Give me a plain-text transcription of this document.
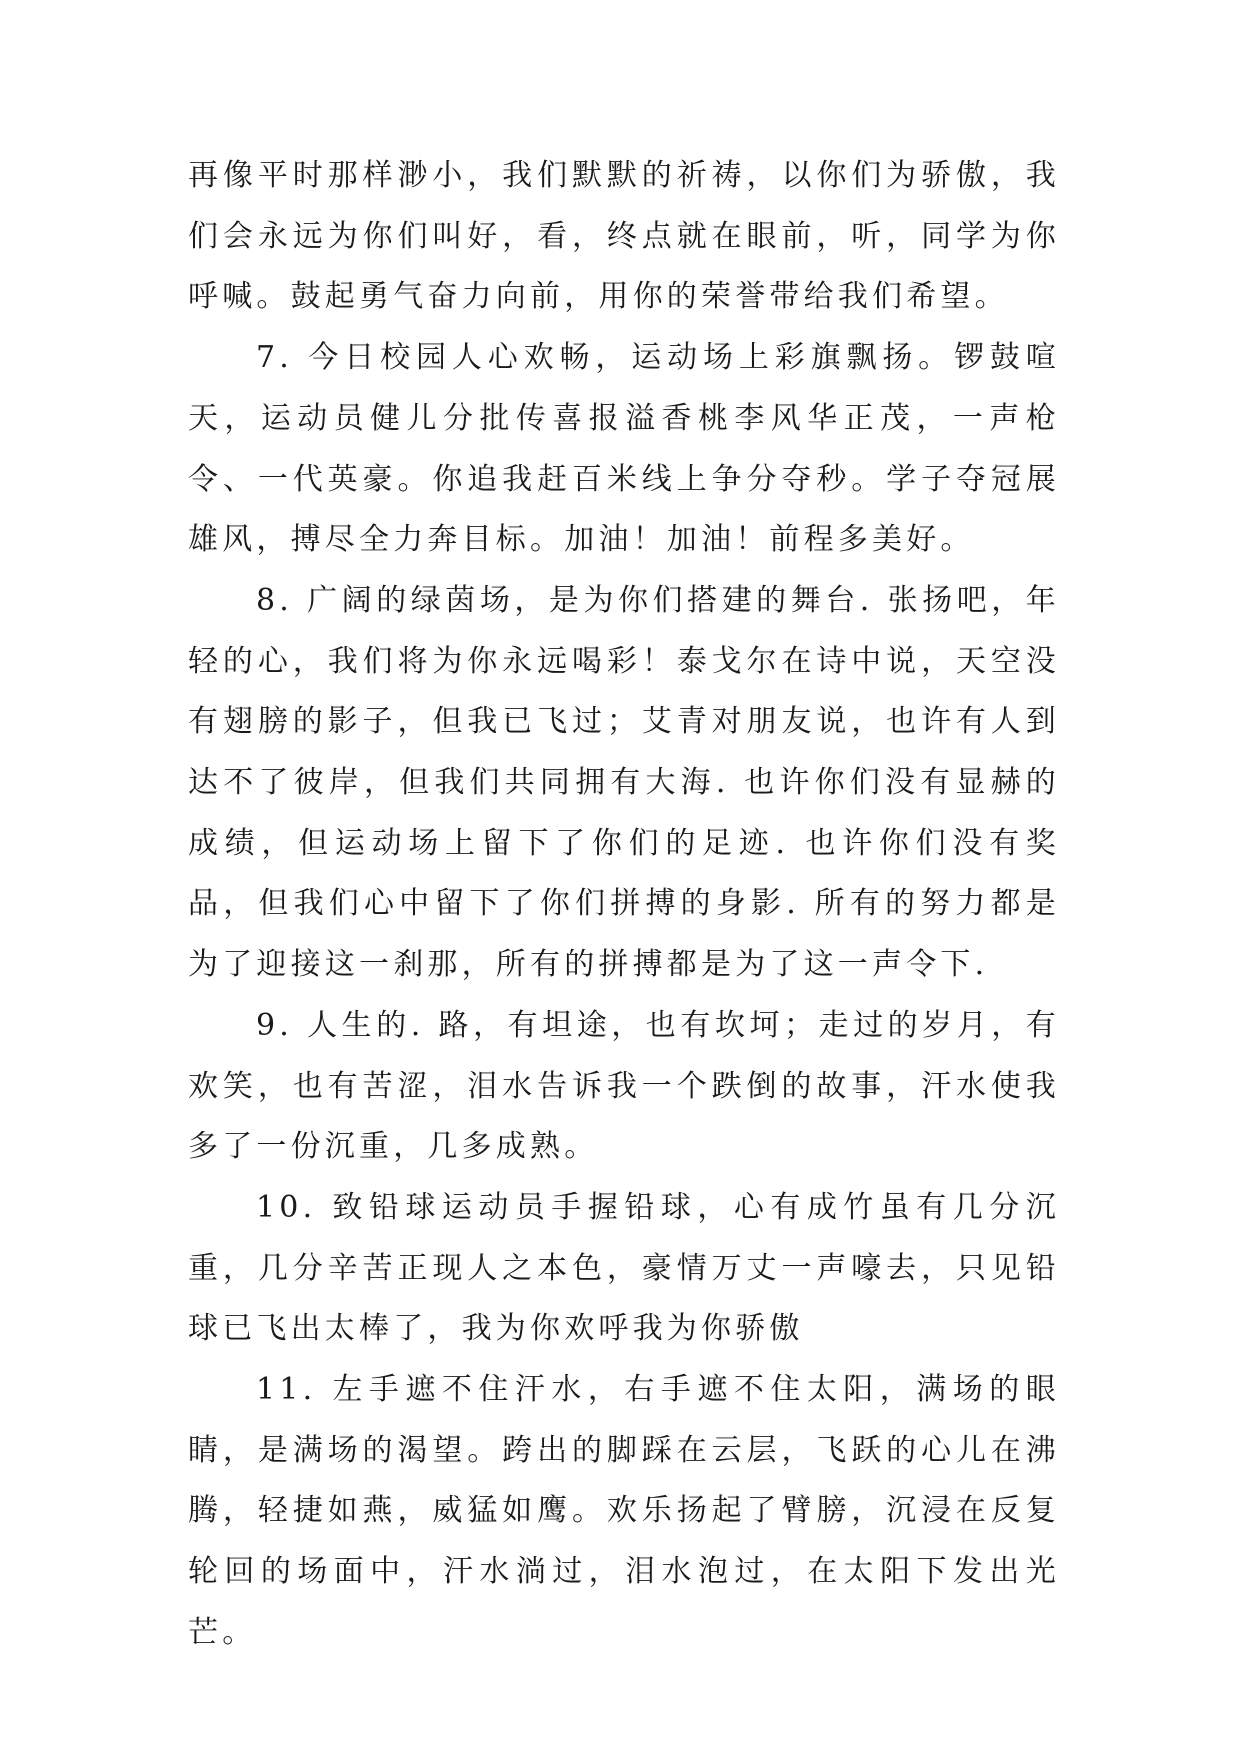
再像平时那样渺小，我们默默的祈祷，以你们为骄傲，我们会永远为你们叫好，看，终点就在眼前，听，同学为你呼喊。鼓起勇气奋力向前，用你的荣誉带给我们希望。

7. 今日校园人心欢畅，运动场上彩旗飘扬。锣鼓喧天，运动员健儿分批传喜报溢香桃李风华正茂，一声枪令、一代英豪。你追我赶百米线上争分夺秒。学子夺冠展雄风，搏尽全力奔目标。加油！加油！前程多美好。

8. 广阔的绿茵场，是为你们搭建的舞台. 张扬吧，年轻的心，我们将为你永远喝彩！泰戈尔在诗中说，天空没有翅膀的影子，但我已飞过；艾青对朋友说，也许有人到达不了彼岸，但我们共同拥有大海. 也许你们没有显赫的成绩，但运动场上留下了你们的足迹. 也许你们没有奖品，但我们心中留下了你们拼搏的身影. 所有的努力都是为了迎接这一刹那，所有的拼搏都是为了这一声令下.

9. 人生的. 路，有坦途，也有坎坷；走过的岁月，有欢笑，也有苦涩，泪水告诉我一个跌倒的故事，汗水使我多了一份沉重，几多成熟。

10. 致铅球运动员手握铅球，心有成竹虽有几分沉重，几分辛苦正现人之本色，豪情万丈一声嚎去，只见铅球已飞出太棒了，我为你欢呼我为你骄傲

11. 左手遮不住汗水，右手遮不住太阳，满场的眼睛，是满场的渴望。跨出的脚踩在云层，飞跃的心儿在沸腾，轻捷如燕，威猛如鹰。欢乐扬起了臂膀，沉浸在反复轮回的场面中，汗水淌过，泪水泡过，在太阳下发出光芒。
